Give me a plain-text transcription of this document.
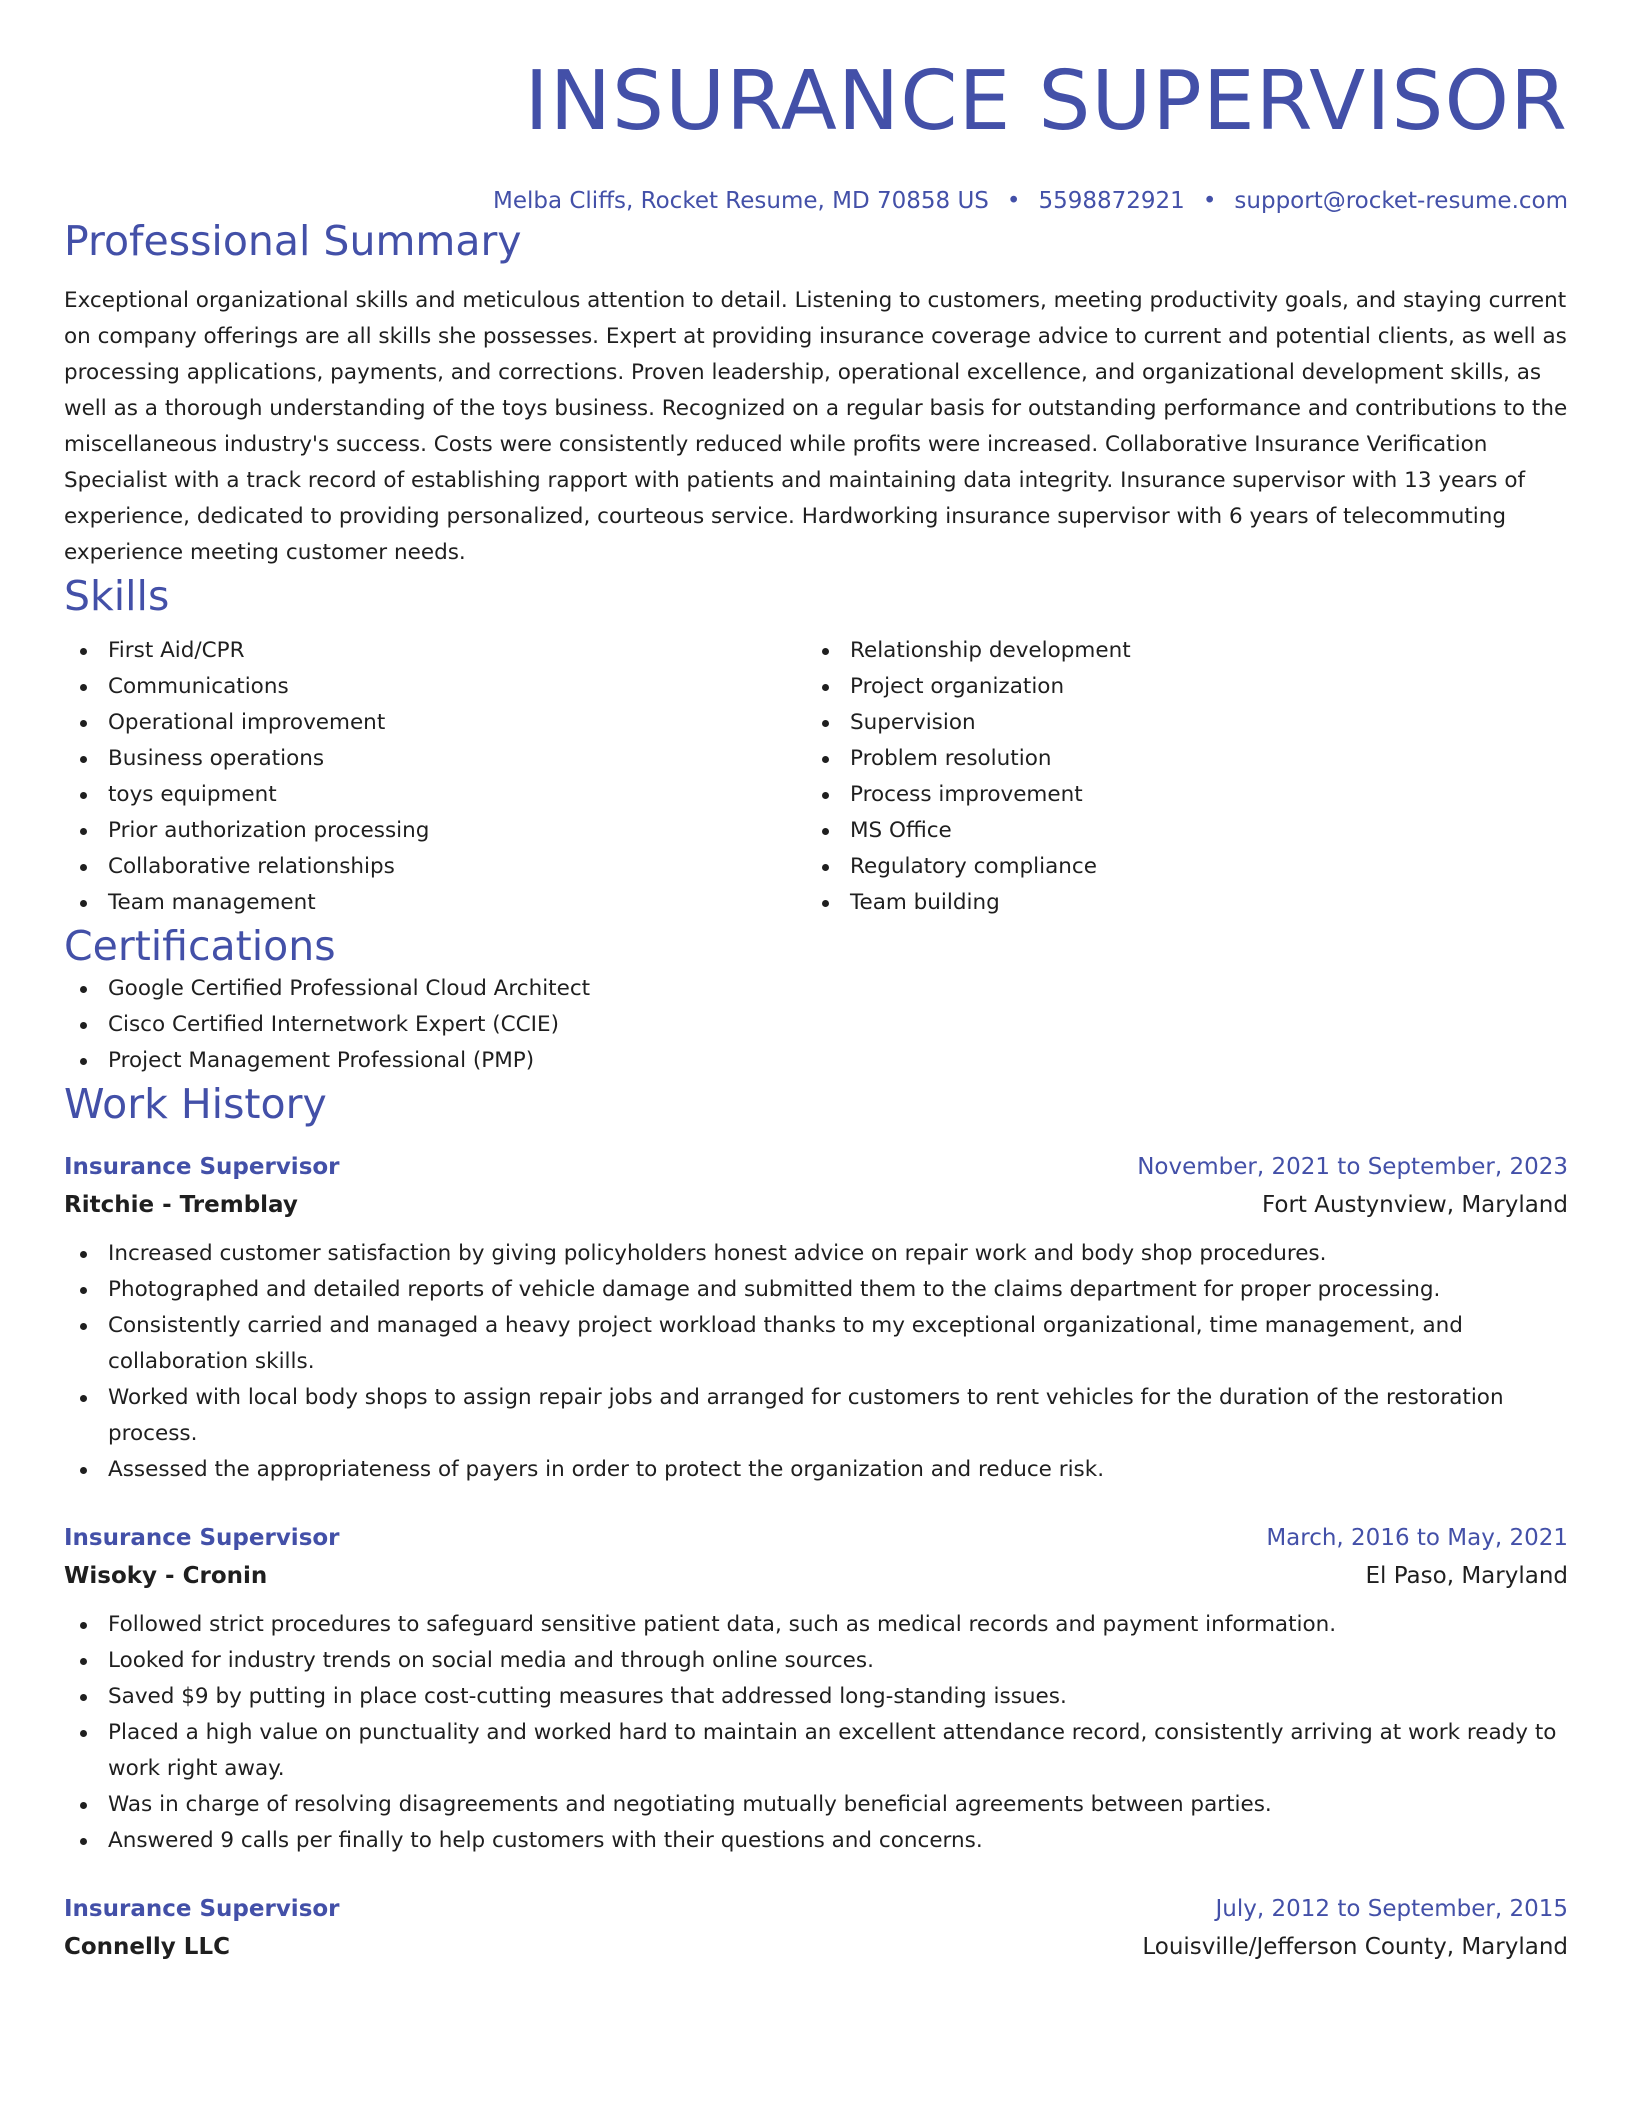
INSURANCE SUPERVISOR
Melba Cliffs, Rocket Resume, MD 70858 US • 5598872921 • support@rocket-resume.com
Professional Summary

Exceptional organizational skills and meticulous attention to detail. Listening to customers, meeting productivity goals, and staying current on company offerings are all skills she possesses. Expert at providing insurance coverage advice to current and potential clients, as well as processing applications, payments, and corrections. Proven leadership, operational excellence, and organizational development skills, as well as a thorough understanding of the toys business. Recognized on a regular basis for outstanding performance and contributions to the miscellaneous industry's success. Costs were consistently reduced while profits were increased. Collaborative Insurance Verification Specialist with a track record of establishing rapport with patients and maintaining data integrity. Insurance supervisor with 13 years of experience, dedicated to providing personalized, courteous service. Hardworking insurance supervisor with 6 years of telecommuting experience meeting customer needs.

Skills
First Aid/CPR
Communications
Operational improvement
Business operations
toys equipment
Prior authorization processing
Collaborative relationships
Team management
Relationship development
Project organization
Supervision
Problem resolution
Process improvement
MS Office
Regulatory compliance
Team building
Certifications
Google Certified Professional Cloud Architect
Cisco Certified Internetwork Expert (CCIE)
Project Management Professional (PMP)
Work History
Insurance Supervisor	November, 2021 to September, 2023
Ritchie - Tremblay	Fort Austynview, Maryland
Increased customer satisfaction by giving policyholders honest advice on repair work and body shop procedures.
Photographed and detailed reports of vehicle damage and submitted them to the claims department for proper processing.
Consistently carried and managed a heavy project workload thanks to my exceptional organizational, time management, and collaboration skills.
Worked with local body shops to assign repair jobs and arranged for customers to rent vehicles for the duration of the restoration process.
Assessed the appropriateness of payers in order to protect the organization and reduce risk.
Insurance Supervisor	March, 2016 to May, 2021
Wisoky - Cronin	El Paso, Maryland
Followed strict procedures to safeguard sensitive patient data, such as medical records and payment information.
Looked for industry trends on social media and through online sources.
Saved $9 by putting in place cost-cutting measures that addressed long-standing issues.
Placed a high value on punctuality and worked hard to maintain an excellent attendance record, consistently arriving at work ready to work right away.
Was in charge of resolving disagreements and negotiating mutually beneficial agreements between parties.
Answered 9 calls per finally to help customers with their questions and concerns.
Insurance Supervisor	July, 2012 to September, 2015
Connelly LLC	Louisville/Jefferson County, Maryland
